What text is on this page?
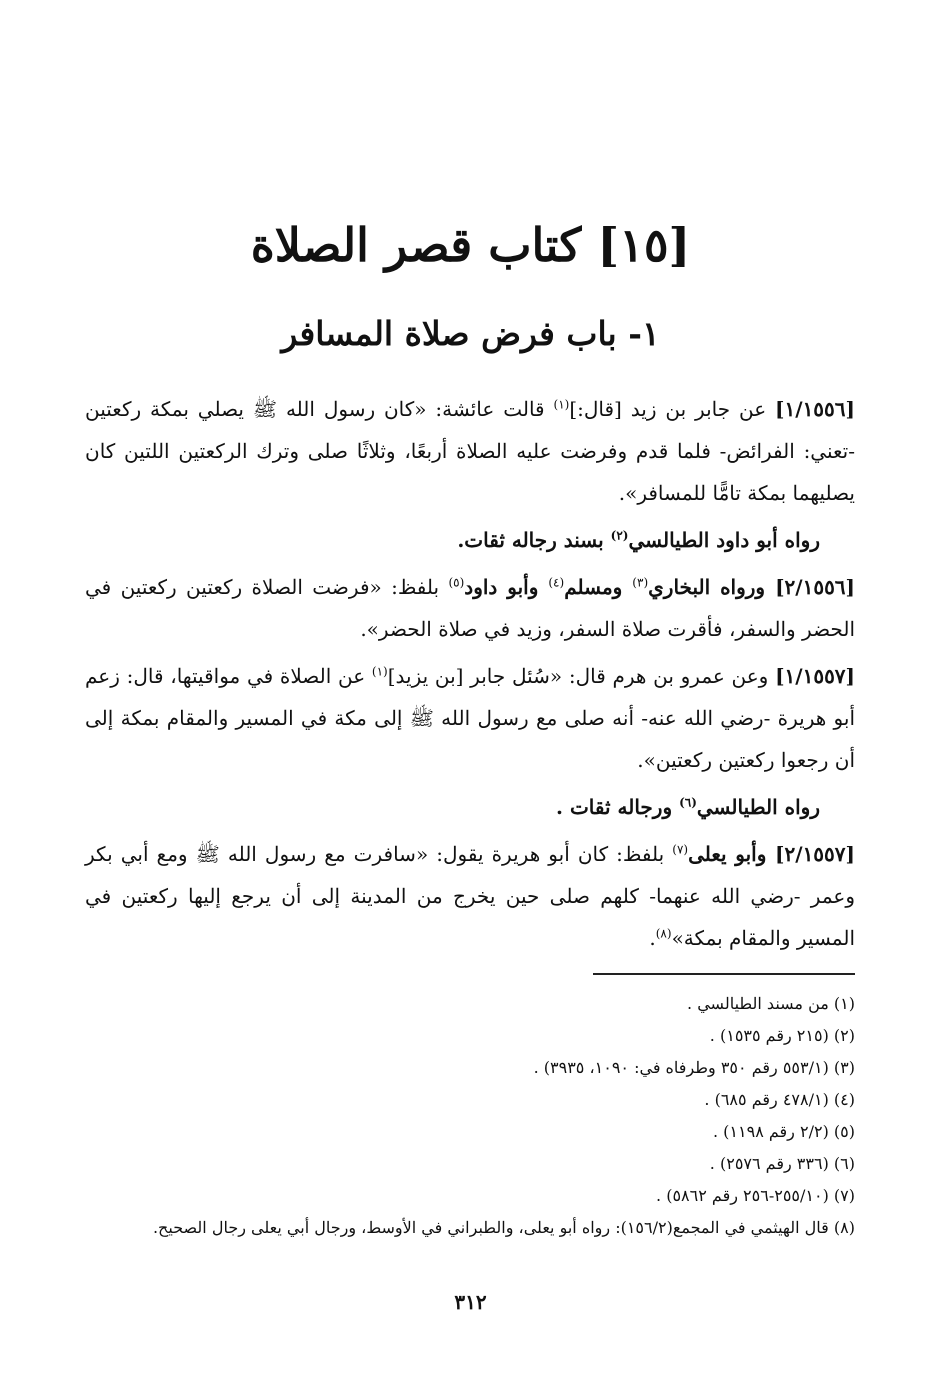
[١٥] كتاب قصر الصلاة
١- باب فرض صلاة المسافر

[١/١٥٥٦] عن جابر بن زيد [قال:]$^{(١)}$ قالت عائشة: «كان رسول الله ﷺ يصلي بمكة ركعتين -تعني: الفرائض- فلما قدم وفرضت عليه الصلاة أربعًا، وثلاثًا صلى وترك الركعتين اللتين كان يصليهما بمكة تامًّا للمسافر».

رواه أبو داود الطيالسي$^{(٢)}$ بسند رجاله ثقات.

[٢/١٥٥٦] ورواه البخاري$^{(٣)}$ ومسلم$^{(٤)}$ وأبو داود$^{(٥)}$ بلفظ: «فرضت الصلاة ركعتين ركعتين في الحضر والسفر، فأقرت صلاة السفر، وزيد في صلاة الحضر».

[١/١٥٥٧] وعن عمرو بن هرم قال: «سُئل جابر [بن يزيد]$^{(١)}$ عن الصلاة في مواقيتها، قال: زعم أبو هريرة -رضي الله عنه- أنه صلى مع رسول الله ﷺ إلى مكة في المسير والمقام بمكة إلى أن رجعوا ركعتين ركعتين».

رواه الطيالسي$^{(٦)}$ ورجاله ثقات .

[٢/١٥٥٧] وأبو يعلى$^{(٧)}$ بلفظ: كان أبو هريرة يقول: «سافرت مع رسول الله ﷺ ومع أبي بكر وعمر -رضي الله عنهما- كلهم صلى حين يخرج من المدينة إلى أن يرجع إليها ركعتين في المسير والمقام بمكة»$^{(٨)}$.

(١) من مسند الطيالسي .

(٢) (٢١٥ رقم ١٥٣٥) .

(٣) (٥٥٣/١ رقم ٣٥٠ وطرفاه في: ١٠٩٠، ٣٩٣٥) .

(٤) (٤٧٨/١ رقم ٦٨٥) .

(٥) (٢/٢ رقم ١١٩٨) .

(٦) (٣٣٦ رقم ٢٥٧٦) .

(٧) (٢٥٥/١٠-٢٥٦ رقم ٥٨٦٢) .

(٨) قال الهيثمي في المجمع(١٥٦/٢): رواه أبو يعلى، والطبراني في الأوسط، ورجال أبي يعلى رجال الصحيح.

٣١٢
